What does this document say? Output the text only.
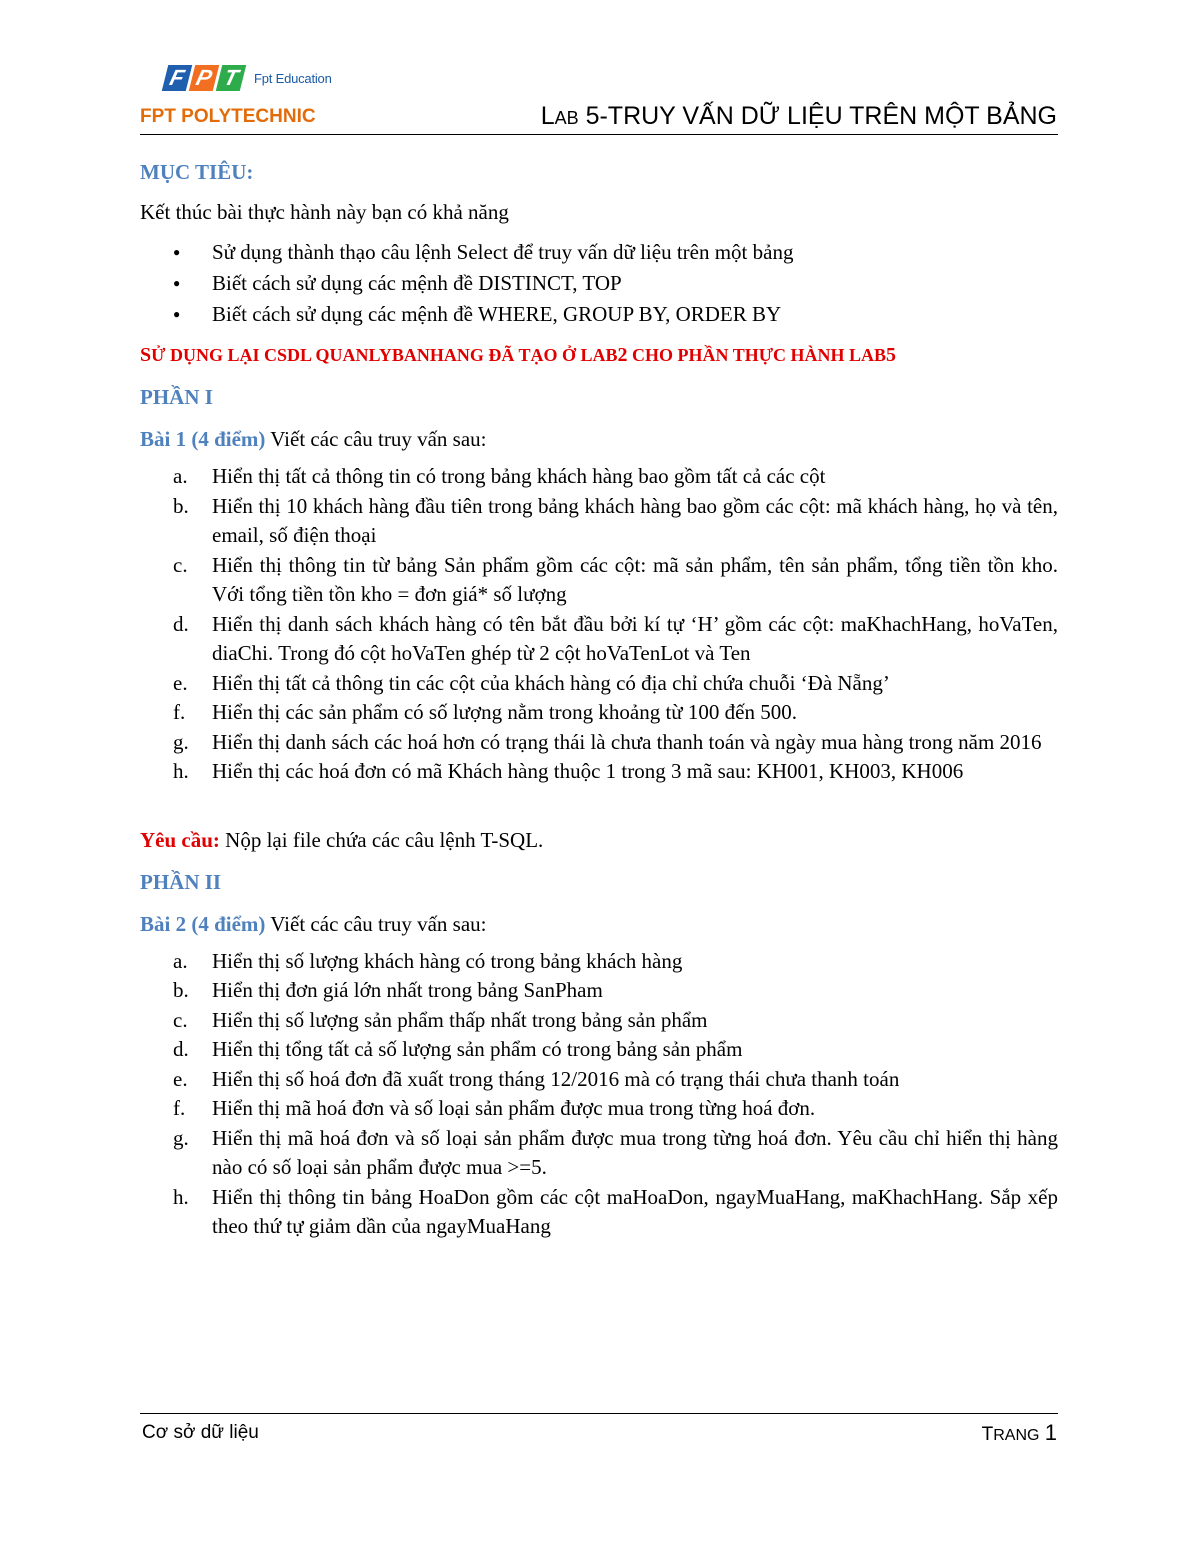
F P T	Fpt Education
FPT POLYTECHNIC	LAB 5-TRUY VẤN DỮ LIỆU TRÊN MỘT BẢNG
MỤC TIÊU:
Kết thúc bài thực hành này bạn có khả năng
● Sử dụng thành thạo câu lệnh Select để truy vấn dữ liệu trên một bảng
● Biết cách sử dụng các mệnh đề DISTINCT, TOP
● Biết cách sử dụng các mệnh đề WHERE, GROUP BY, ORDER BY
SỬ DỤNG LẠI CSDL QUANLYBANHANG ĐÃ TẠO Ở LAB2 CHO PHẦN THỰC HÀNH LAB5
PHẦN I
Bài 1 (4 điểm) Viết các câu truy vấn sau:
a. Hiển thị tất cả thông tin có trong bảng khách hàng bao gồm tất cả các cột
b. Hiển thị 10 khách hàng đầu tiên trong bảng khách hàng bao gồm các cột: mã khách hàng, họ và tên, email, số điện thoại
c. Hiển thị thông tin từ bảng Sản phẩm gồm các cột: mã sản phẩm, tên sản phẩm, tổng tiền tồn kho. Với tổng tiền tồn kho = đơn giá* số lượng
d. Hiển thị danh sách khách hàng có tên bắt đầu bởi kí tự ‘H’ gồm các cột: maKhachHang, hoVaTen, diaChi. Trong đó cột hoVaTen ghép từ 2 cột hoVaTenLot và Ten
e. Hiển thị tất cả thông tin các cột của khách hàng có địa chỉ chứa chuỗi ‘Đà Nẵng’
f. Hiển thị các sản phẩm có số lượng nằm trong khoảng từ 100 đến 500.
g. Hiển thị danh sách các hoá hơn có trạng thái là chưa thanh toán và ngày mua hàng trong năm 2016
h. Hiển thị các hoá đơn có mã Khách hàng thuộc 1 trong 3 mã sau: KH001, KH003, KH006
Yêu cầu: Nộp lại file chứa các câu lệnh T-SQL.
PHẦN II
Bài 2 (4 điểm) Viết các câu truy vấn sau:
a. Hiển thị số lượng khách hàng có trong bảng khách hàng
b. Hiển thị đơn giá lớn nhất trong bảng SanPham
c. Hiển thị số lượng sản phẩm thấp nhất trong bảng sản phẩm
d. Hiển thị tổng tất cả số lượng sản phẩm có trong bảng sản phẩm
e. Hiển thị số hoá đơn đã xuất trong tháng 12/2016 mà có trạng thái chưa thanh toán
f. Hiển thị mã hoá đơn và số loại sản phẩm được mua trong từng hoá đơn.
g. Hiển thị mã hoá đơn và số loại sản phẩm được mua trong từng hoá đơn. Yêu cầu chỉ hiển thị hàng nào có số loại sản phẩm được mua >=5.
h. Hiển thị thông tin bảng HoaDon gồm các cột maHoaDon, ngayMuaHang, maKhachHang. Sắp xếp theo thứ tự giảm dần của ngayMuaHang
Cơ sở dữ liệu	TRANG 1
